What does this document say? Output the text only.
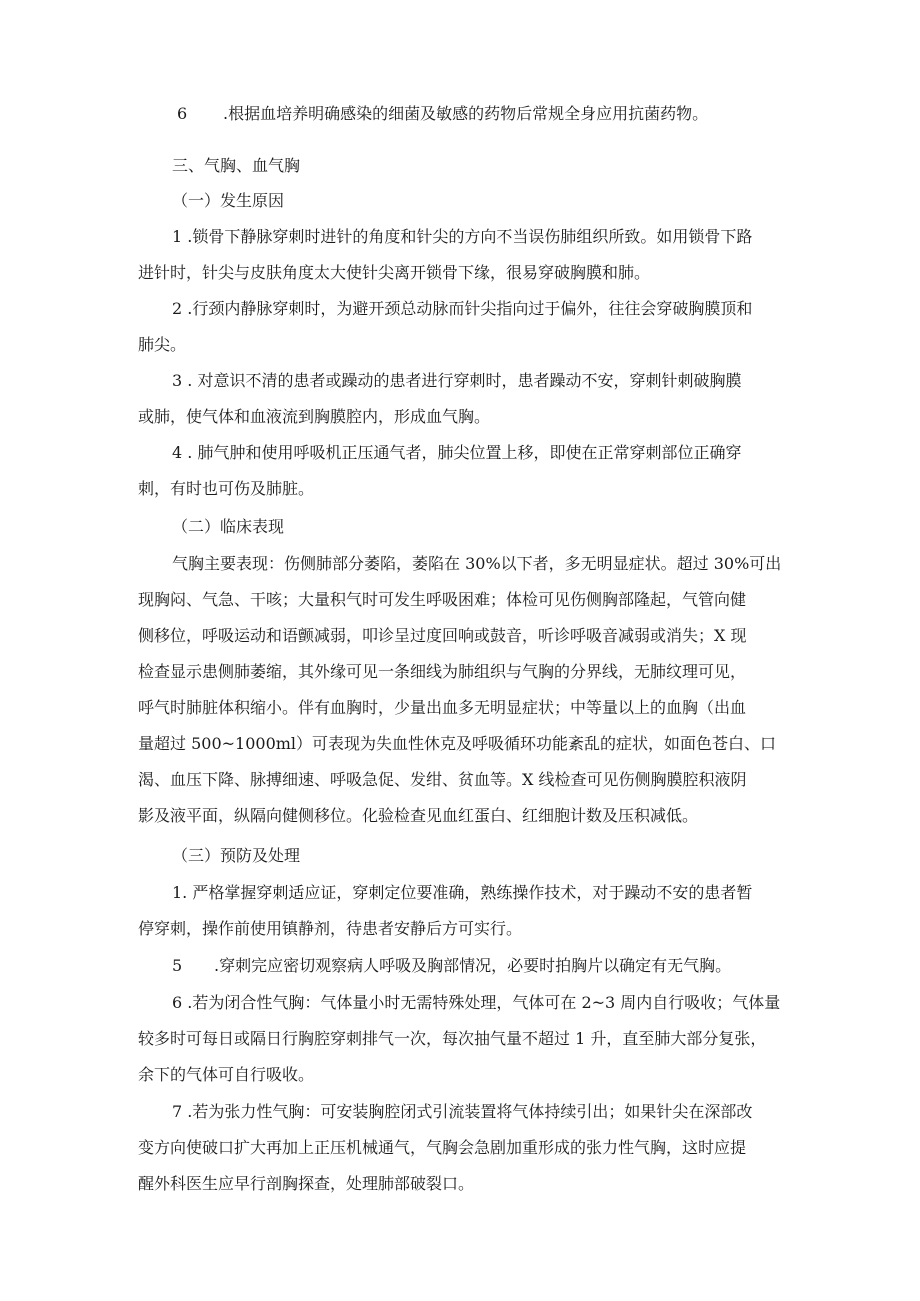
6 .根据血培养明确感染的细菌及敏感的药物后常规全身应用抗菌药物。
三、气胸、血气胸
（一）发生原因
1 .锁骨下静脉穿刺时进针的角度和针尖的方向不当误伤肺组织所致。如用锁骨下路
进针时，针尖与皮肤角度太大使针尖离开锁骨下缘，很易穿破胸膜和肺。
2 .行颈内静脉穿刺时，为避开颈总动脉而针尖指向过于偏外，往往会穿破胸膜顶和
肺尖。
3 . 对意识不清的患者或躁动的患者进行穿刺时，患者躁动不安，穿刺针刺破胸膜
或肺，使气体和血液流到胸膜腔内，形成血气胸。
4 . 肺气肿和使用呼吸机正压通气者，肺尖位置上移，即使在正常穿刺部位正确穿
刺，有时也可伤及肺脏。
（二）临床表现
气胸主要表现：伤侧肺部分萎陷，萎陷在 30%以下者，多无明显症状。超过 30%可出
现胸闷、气急、干咳；大量积气时可发生呼吸困难；体检可见伤侧胸部隆起，气管向健
侧移位，呼吸运动和语颤减弱，叩诊呈过度回响或鼓音，听诊呼吸音减弱或消失；X 现
检查显示患侧肺萎缩，其外缘可见一条细线为肺组织与气胸的分界线，无肺纹理可见，
呼气时肺脏体积缩小。伴有血胸时，少量出血多无明显症状；中等量以上的血胸（出血
量超过 500~1000ml）可表现为失血性休克及呼吸循环功能紊乱的症状，如面色苍白、口
渴、血压下降、脉搏细速、呼吸急促、发绀、贫血等。X 线检查可见伤侧胸膜腔积液阴
影及液平面，纵隔向健侧移位。化验检查见血红蛋白、红细胞计数及压积减低。
（三）预防及处理
1. 严格掌握穿刺适应证，穿刺定位要准确，熟练操作技术，对于躁动不安的患者暂
停穿刺，操作前使用镇静剂，待患者安静后方可实行。
5 .穿刺完应密切观察病人呼吸及胸部情况，必要时拍胸片以确定有无气胸。
6 .若为闭合性气胸：气体量小时无需特殊处理，气体可在 2~3 周内自行吸收；气体量
较多时可每日或隔日行胸腔穿刺排气一次，每次抽气量不超过 1 升，直至肺大部分复张，
余下的气体可自行吸收。
7 .若为张力性气胸：可安装胸腔闭式引流装置将气体持续引出；如果针尖在深部改
变方向使破口扩大再加上正压机械通气，气胸会急剧加重形成的张力性气胸，这时应提
醒外科医生应早行剖胸探查，处理肺部破裂口。
